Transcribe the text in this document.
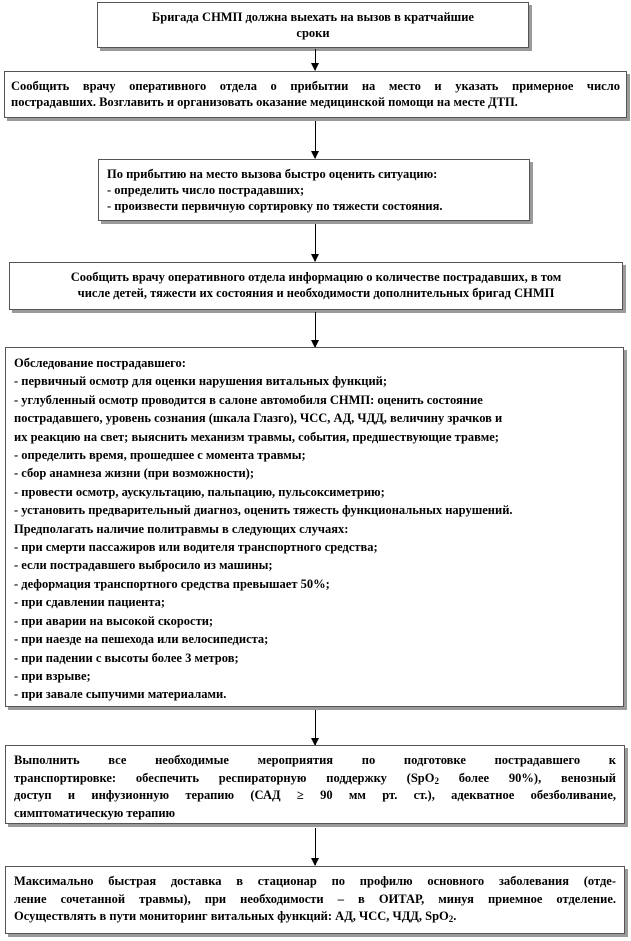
Бригада СНМП должна выехать на вызов в кратчайшие
сроки
Сообщить врачу оперативного отдела о прибытии на место и указать примерное число
пострадавших. Возглавить и организовать оказание медицинской помощи на месте ДТП.
По прибытию на место вызова быстро оценить ситуацию:
- определить число пострадавших;
- произвести первичную сортировку по тяжести состояния.
Сообщить врачу оперативного отдела информацию о количестве пострадавших, в том
числе детей, тяжести их состояния и необходимости дополнительных бригад СНМП
Обследование пострадавшего:
- первичный осмотр для оценки нарушения витальных функций;
- углубленный осмотр проводится в салоне автомобиля СНМП: оценить состояние
пострадавшего, уровень сознания (шкала Глазго), ЧСС, АД, ЧДД, величину зрачков и
их реакцию на свет; выяснить механизм травмы, события, предшествующие травме;
- определить время, прошедшее с момента травмы;
- сбор анамнеза жизни (при возможности);
- провести осмотр, аускультацию, пальпацию, пульсоксиметрию;
- установить предварительный диагноз, оценить тяжесть функциональных нарушений.
Предполагать наличие политравмы в следующих случаях:
- при смерти пассажиров или водителя транспортного средства;
- если пострадавшего выбросило из машины;
- деформация транспортного средства превышает 50%;
- при сдавлении пациента;
- при аварии на высокой скорости;
- при наезде на пешехода или велосипедиста;
- при падении с высоты более 3 метров;
- при взрыве;
- при завале сыпучими материалами.
Выполнить все необходимые мероприятия по подготовке пострадавшего к
транспортировке: обеспечить респираторную поддержку (SpO$_2$ более 90%), венозный
доступ и инфузионную терапию (САД ≥ 90 мм рт. ст.), адекватное обезболивание,
симптоматическую терапию
Максимально быстрая доставка в стационар по профилю основного заболевания (отде-
ление сочетанной травмы), при необходимости – в ОИТАР, минуя приемное отделение.
Осуществлять в пути мониторинг витальных функций: АД, ЧСС, ЧДД, SpO$_2$.
